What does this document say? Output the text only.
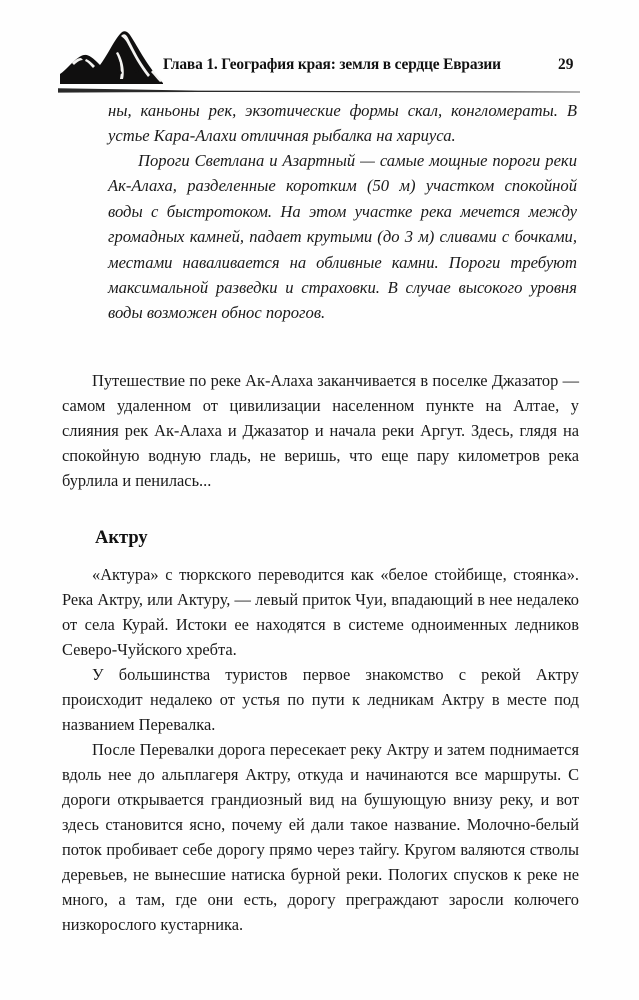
Глава 1. География края: земля в сердце Евразии	29

ны, каньоны рек, экзотические формы скал, конгломераты. В устье Кара-Алахи отличная рыбалка на хариуса.

Пороги Светлана и Азартный — самые мощные пороги реки Ак-Алаха, разделенные коротким (50 м) участком спокойной воды с быстротоком. На этом участке река мечется между громадных камней, падает крутыми (до 3 м) сливами с бочками, местами наваливается на обливные камни. Пороги требуют максимальной разведки и страховки. В случае высокого уровня воды возможен обнос порогов.

Путешествие по реке Ак-Алаха заканчивается в поселке Джазатор — самом удаленном от цивилизации населенном пункте на Алтае, у слияния рек Ак-Алаха и Джазатор и начала реки Аргут. Здесь, глядя на спокойную водную гладь, не веришь, что еще пару километров река бурлила и пенилась...

Актру

«Актура» с тюркского переводится как «белое стойбище, стоянка». Река Актру, или Актуру, — левый приток Чуи, впадающий в нее недалеко от села Курай. Истоки ее находятся в системе одноименных ледников Северо-Чуйского хребта.

У большинства туристов первое знакомство с рекой Актру происходит недалеко от устья по пути к ледникам Актру в месте под названием Перевалка.

После Перевалки дорога пересекает реку Актру и затем поднимается вдоль нее до альплагеря Актру, откуда и начинаются все маршруты. С дороги открывается грандиозный вид на бушующую внизу реку, и вот здесь становится ясно, почему ей дали такое название. Молочно-белый поток пробивает себе дорогу прямо через тайгу. Кругом валяются стволы деревьев, не вынесшие натиска бурной реки. Пологих спусков к реке не много, а там, где они есть, дорогу преграждают заросли колючего низкорослого кустарника.
